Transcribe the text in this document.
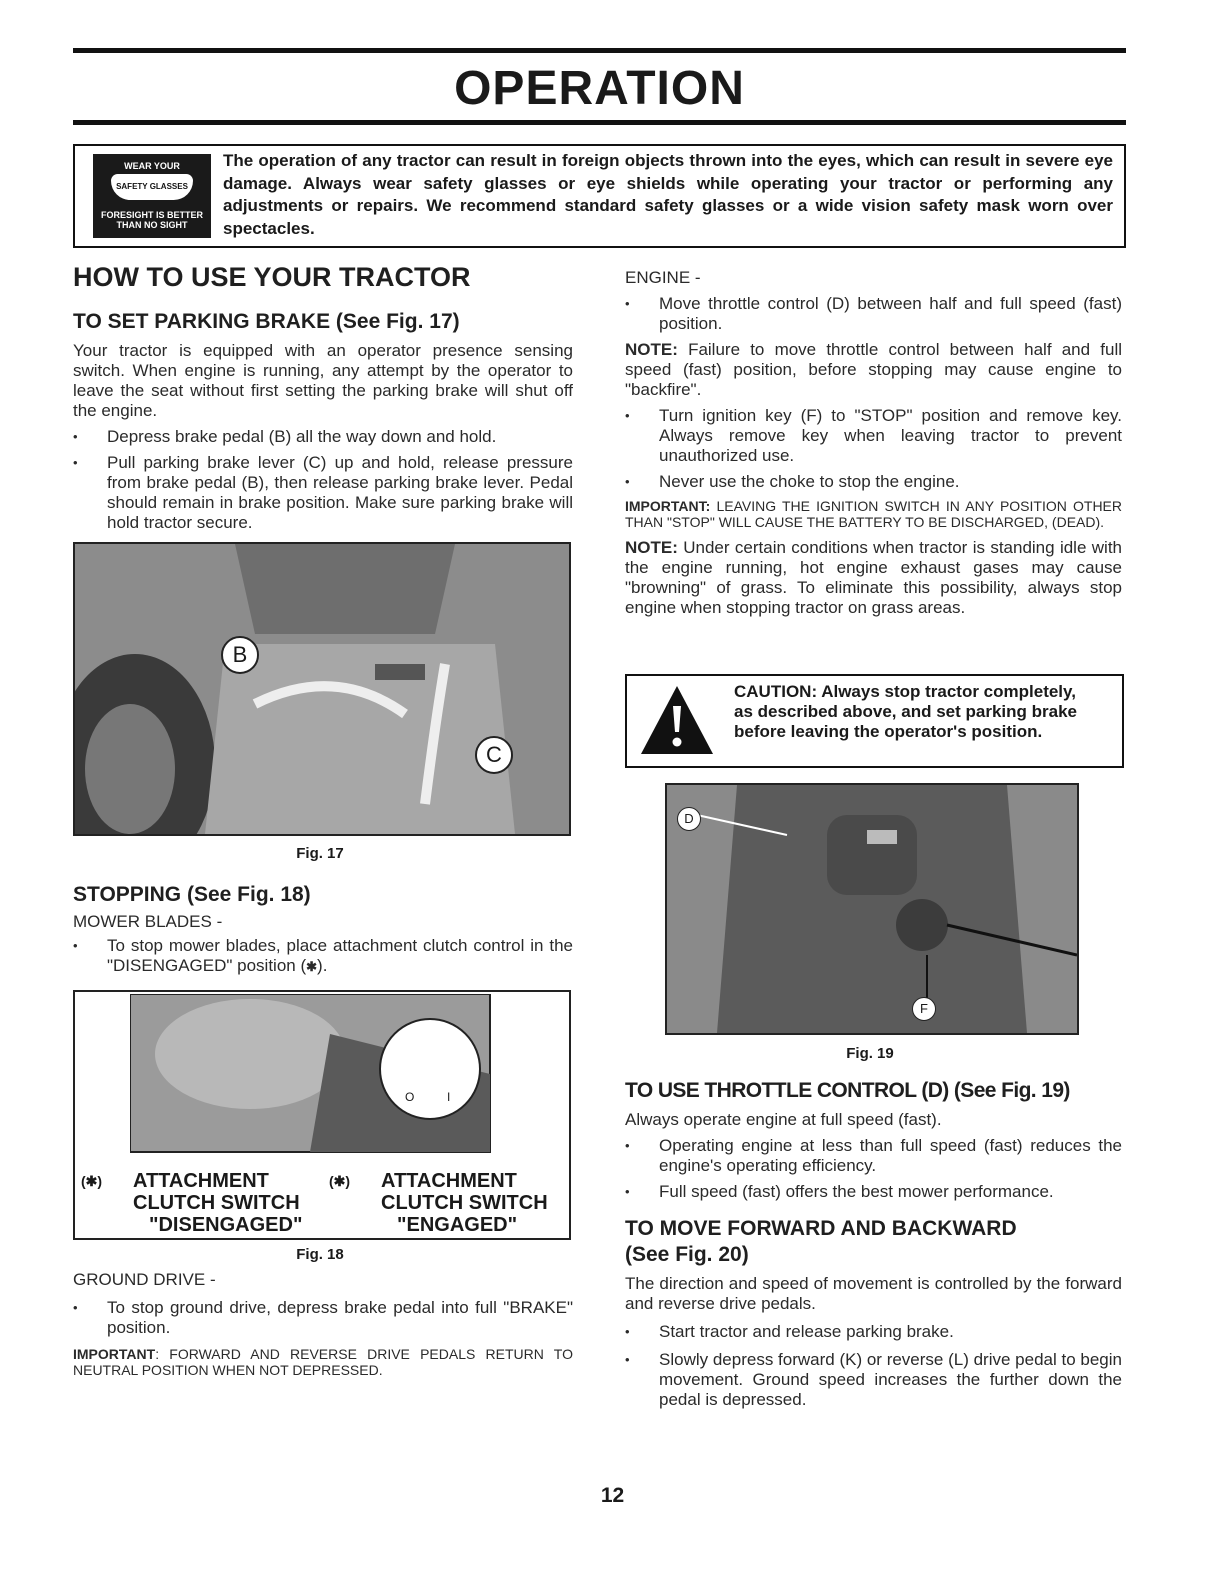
OPERATION
WEAR YOUR
SAFETY GLASSES
FORESIGHT IS BETTER
THAN NO SIGHT
The operation of any tractor can result in foreign objects thrown into the eyes, which can result in severe eye damage. Always wear safety glasses or eye shields while operating your tractor or performing any adjustments or repairs. We recommend standard safety glasses or a wide vision safety mask worn over spectacles.
HOW TO USE YOUR TRACTOR
TO SET PARKING BRAKE (See Fig. 17)

Your tractor is equipped with an operator presence sensing switch. When engine is running, any attempt by the operator to leave the seat without first setting the parking brake will shut off the engine.

• Depress brake pedal (B) all the way down and hold.

• Pull parking brake lever (C) up and hold, release pressure from brake pedal (B), then release parking brake lever. Pedal should remain in brake position. Make sure parking brake will hold tractor secure.

B
C
Fig. 17
STOPPING (See Fig. 18)

MOWER BLADES -

• To stop mower blades, place attachment clutch control in the "DISENGAGED" position (✱).

O	I
(✱)	ATTACHMENT
CLUTCH SWITCH
"DISENGAGED"
(✱)	ATTACHMENT
CLUTCH SWITCH
"ENGAGED"
Fig. 18

GROUND DRIVE -

• To stop ground drive, depress brake pedal into full "BRAKE" position.

IMPORTANT: FORWARD AND REVERSE DRIVE PEDALS RETURN TO NEUTRAL POSITION WHEN NOT DEPRESSED.

ENGINE -

• Move throttle control (D) between half and full speed (fast) position.

NOTE: Failure to move throttle control between half and full speed (fast) position, before stopping may cause engine to "backfire".

• Turn ignition key (F) to "STOP" position and remove key. Always remove key when leaving tractor to prevent unauthorized use.

• Never use the choke to stop the engine.

IMPORTANT: LEAVING THE IGNITION SWITCH IN ANY POSITION OTHER THAN "STOP" WILL CAUSE THE BATTERY TO BE DISCHARGED, (DEAD).

NOTE: Under certain conditions when tractor is standing idle with the engine running, hot engine exhaust gases may cause "browning" of grass. To eliminate this possibility, always stop engine when stopping tractor on grass areas.

CAUTION: Always stop tractor completely, as described above, and set parking brake before leaving the operator's position.
D
F
Fig. 19
TO USE THROTTLE CONTROL (D) (See Fig. 19)

Always operate engine at full speed (fast).

• Operating engine at less than full speed (fast) reduces the engine's operating efficiency.

• Full speed (fast) offers the best mower performance.

TO MOVE FORWARD AND BACKWARD
(See Fig. 20)

The direction and speed of movement is controlled by the forward and reverse drive pedals.

• Start tractor and release parking brake.

• Slowly depress forward (K) or reverse (L) drive pedal to begin movement. Ground speed increases the further down the pedal is depressed.

12
